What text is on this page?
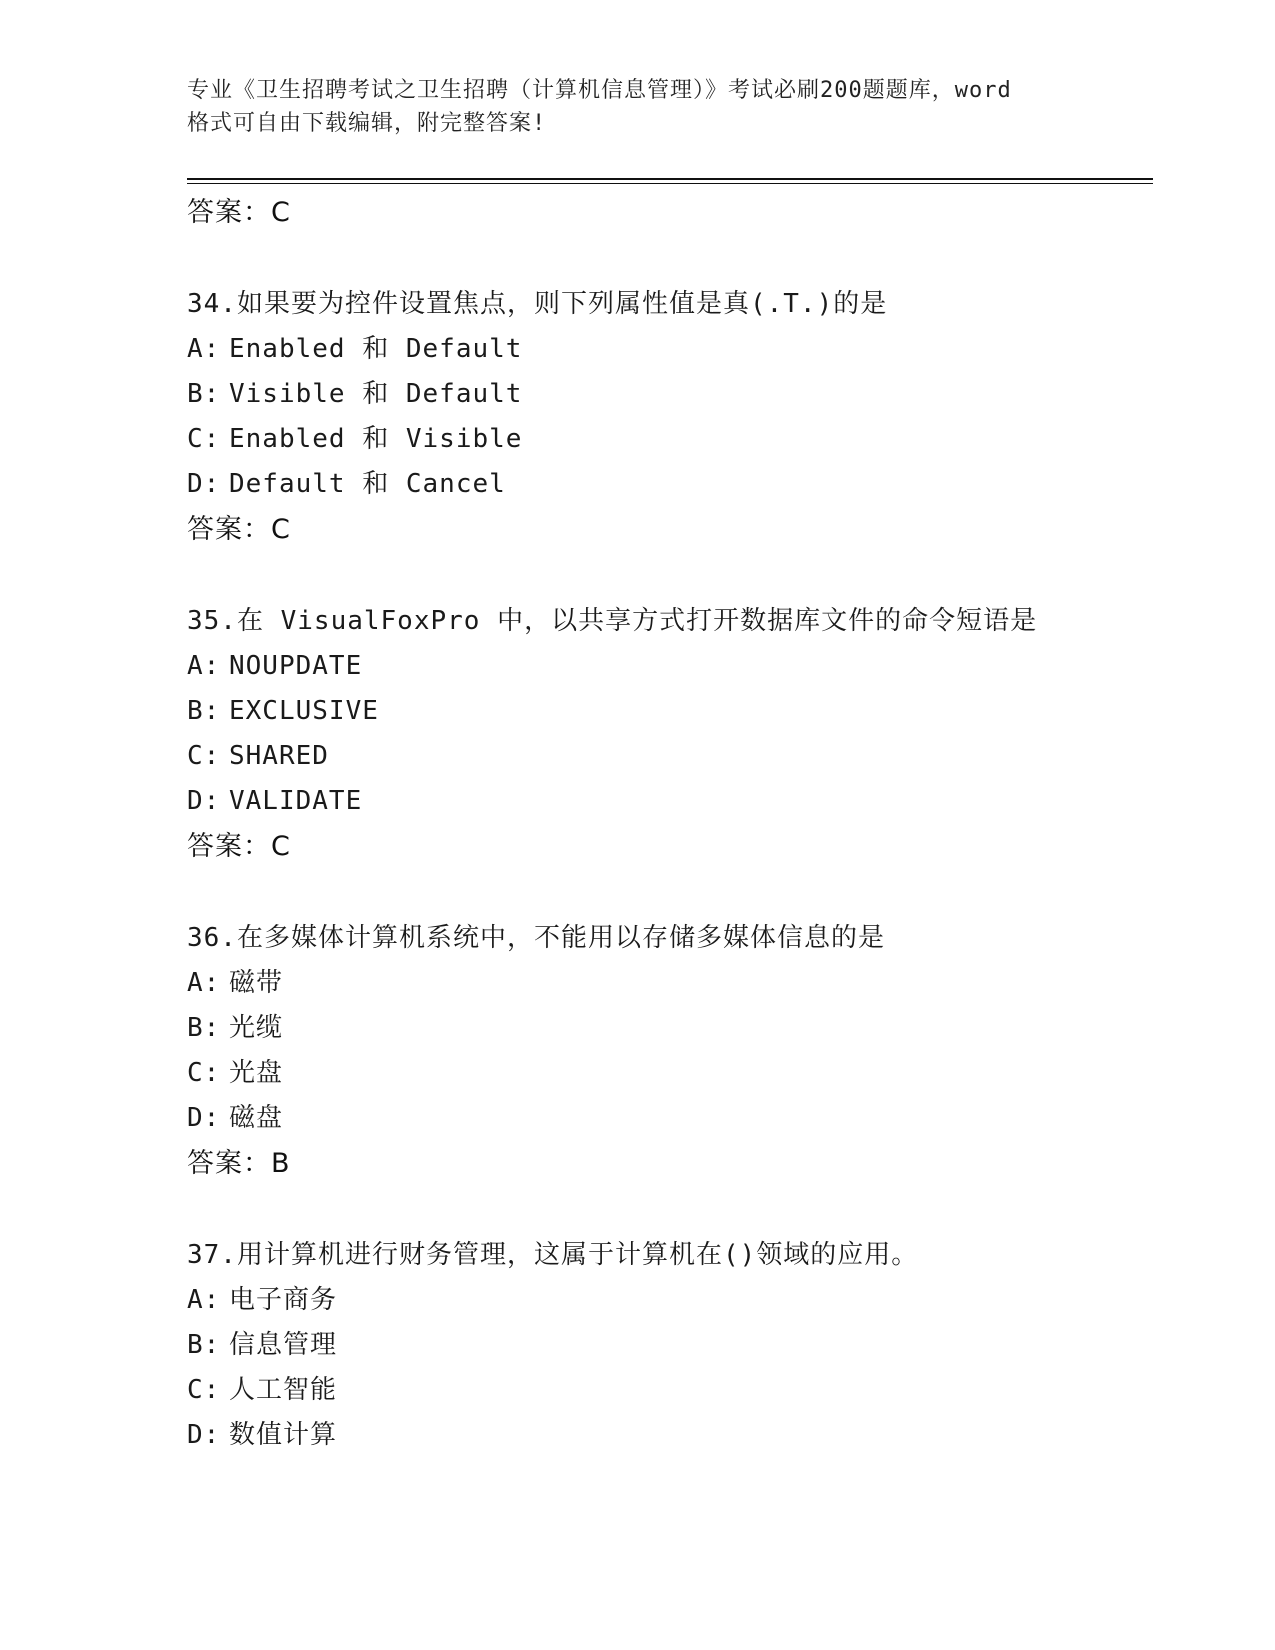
专业《卫生招聘考试之卫生招聘（计算机信息管理）》考试必刷200题题库，word
格式可自由下载编辑，附完整答案!
答案：C
34.如果要为控件设置焦点，则下列属性值是真(.T.)的是
A: Enabled 和 Default
B: Visible 和 Default
C: Enabled 和 Visible
D: Default 和 Cancel
答案：C
35.在 VisualFoxPro 中，以共享方式打开数据库文件的命令短语是
A: NOUPDATE
B: EXCLUSIVE
C: SHARED
D: VALIDATE
答案：C
36.在多媒体计算机系统中，不能用以存储多媒体信息的是
A: 磁带
B: 光缆
C: 光盘
D: 磁盘
答案：B
37.用计算机进行财务管理，这属于计算机在()领域的应用。
A: 电子商务
B: 信息管理
C: 人工智能
D: 数值计算
